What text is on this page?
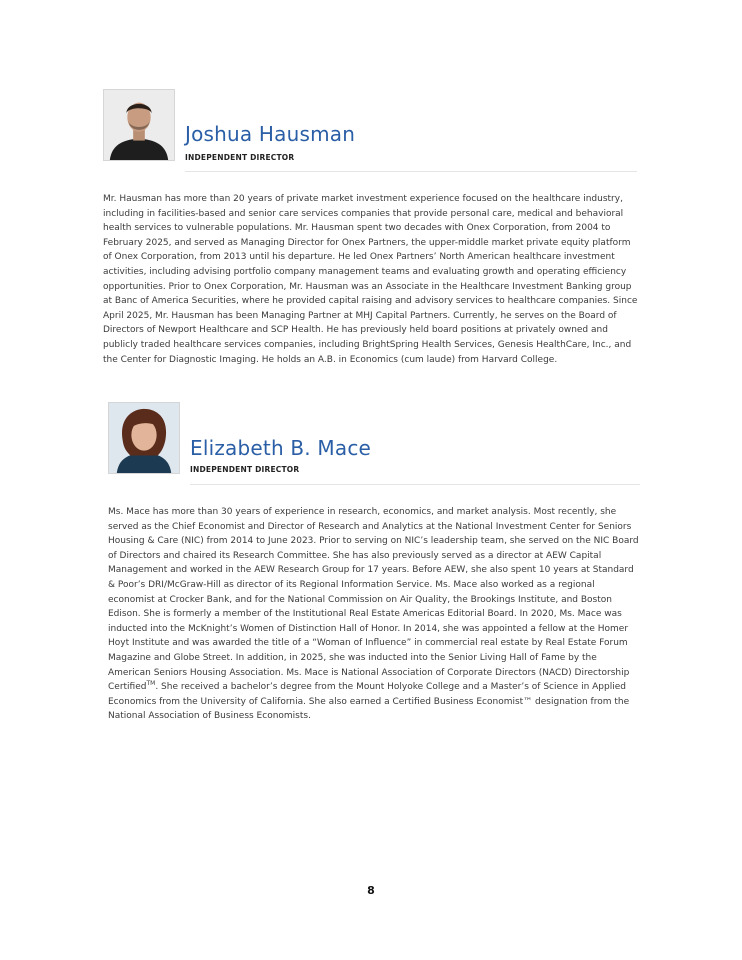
Joshua Hausman
INDEPENDENT DIRECTOR

Mr. Hausman has more than 20 years of private market investment experience focused on the healthcare industry, including in facilities-based and senior care services companies that provide personal care, medical and behavioral health services to vulnerable populations. Mr. Hausman spent two decades with Onex Corporation, from 2004 to February 2025, and served as Managing Director for Onex Partners, the upper-middle market private equity platform of Onex Corporation, from 2013 until his departure. He led Onex Partners’ North American healthcare investment activities, including advising portfolio company management teams and evaluating growth and operating efficiency opportunities. Prior to Onex Corporation, Mr. Hausman was an Associate in the Healthcare Investment Banking group at Banc of America Securities, where he provided capital raising and advisory services to healthcare companies. Since April 2025, Mr. Hausman has been Managing Partner at MHJ Capital Partners. Currently, he serves on the Board of Directors of Newport Healthcare and SCP Health. He has previously held board positions at privately owned and publicly traded healthcare services companies, including BrightSpring Health Services, Genesis HealthCare, Inc., and the Center for Diagnostic Imaging. He holds an A.B. in Economics (cum laude) from Harvard College.

Elizabeth B. Mace
INDEPENDENT DIRECTOR

Ms. Mace has more than 30 years of experience in research, economics, and market analysis. Most recently, she served as the Chief Economist and Director of Research and Analytics at the National Investment Center for Seniors Housing & Care (NIC) from 2014 to June 2023. Prior to serving on NIC’s leadership team, she served on the NIC Board of Directors and chaired its Research Committee. She has also previously served as a director at AEW Capital Management and worked in the AEW Research Group for 17 years. Before AEW, she also spent 10 years at Standard & Poor’s DRI/McGraw-Hill as director of its Regional Information Service. Ms. Mace also worked as a regional economist at Crocker Bank, and for the National Commission on Air Quality, the Brookings Institute, and Boston Edison. She is formerly a member of the Institutional Real Estate Americas Editorial Board. In 2020, Ms. Mace was inducted into the McKnight’s Women of Distinction Hall of Honor. In 2014, she was appointed a fellow at the Homer Hoyt Institute and was awarded the title of a “Woman of Influence” in commercial real estate by Real Estate Forum Magazine and Globe Street. In addition, in 2025, she was inducted into the Senior Living Hall of Fame by the American Seniors Housing Association. Ms. Mace is National Association of Corporate Directors (NACD) Directorship Certified™. She received a bachelor’s degree from the Mount Holyoke College and a Master’s of Science in Applied Economics from the University of California. She also earned a Certified Business Economist™ designation from the National Association of Business Economists.

8
